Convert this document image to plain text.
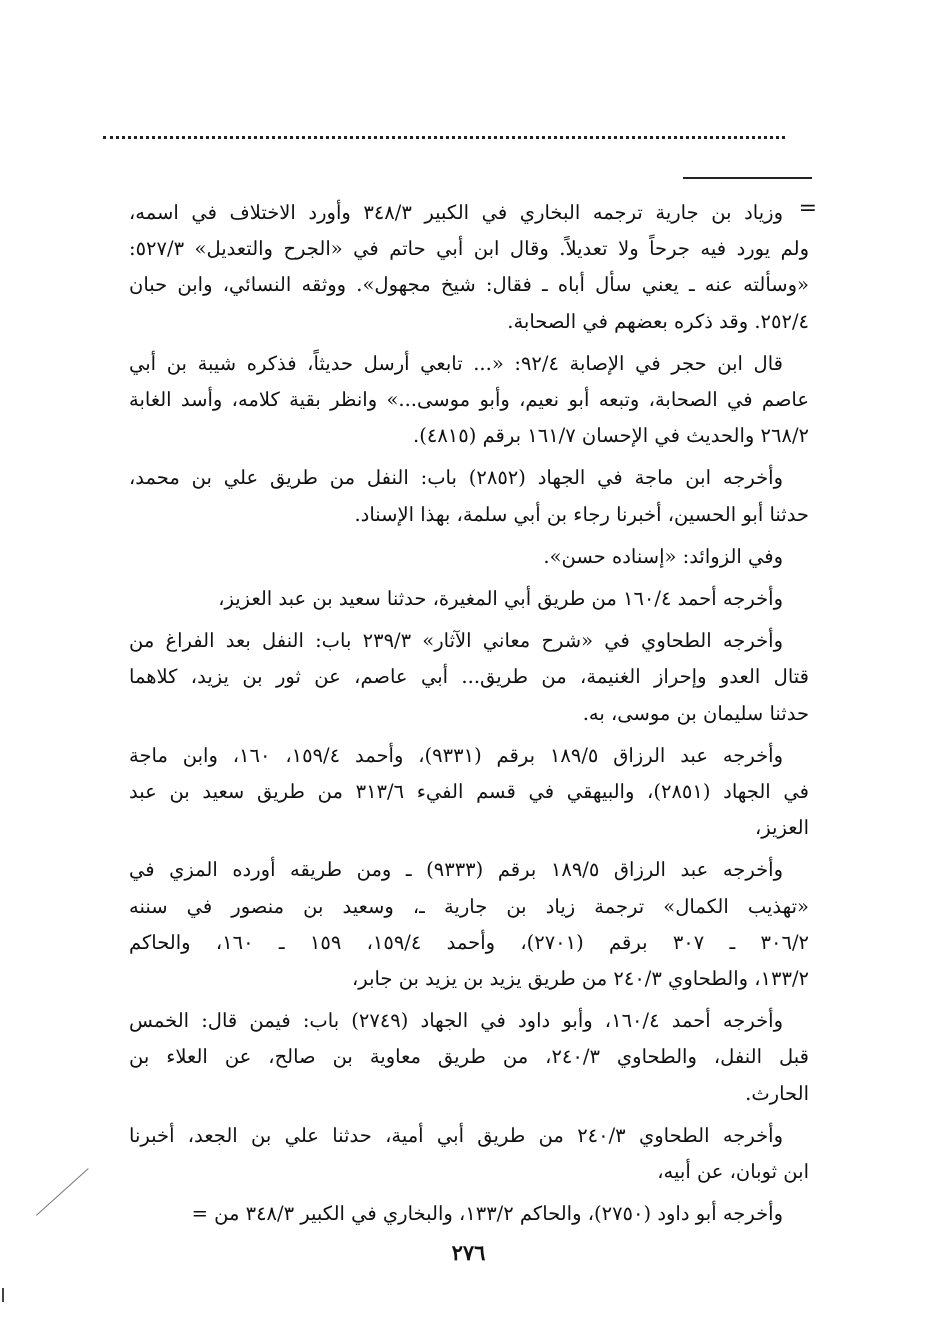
=
وزياد بن جارية ترجمه البخاري في الكبير ٣٤٨/٣ وأورد الاختلاف في اسمه،
ولم يورد فيه جرحاً ولا تعديلاً. وقال ابن أبي حاتم في «الجرح والتعديل» ٥٢٧/٣:
«وسألته عنه ـ يعني سأل أباه ـ فقال: شيخ مجهول». ووثقه النسائي، وابن حبان
٢٥٢/٤. وقد ذكره بعضهم في الصحابة.
قال ابن حجر في الإصابة ٩٢/٤: «... تابعي أرسل حديثاً، فذكره شيبة بن أبي
عاصم في الصحابة، وتبعه أبو نعيم، وأبو موسى...» وانظر بقية كلامه، وأسد الغابة
٢٦٨/٢ والحديث في الإحسان ١٦١/٧ برقم (٤٨١٥).
وأخرجه ابن ماجة في الجهاد (٢٨٥٢) باب: النفل من طريق علي بن محمد،
حدثنا أبو الحسين، أخبرنا رجاء بن أبي سلمة، بهذا الإسناد.
وفي الزوائد: «إسناده حسن».
وأخرجه أحمد ١٦٠/٤ من طريق أبي المغيرة، حدثنا سعيد بن عبد العزيز،
وأخرجه الطحاوي في «شرح معاني الآثار» ٢٣٩/٣ باب: النفل بعد الفراغ من
قتال العدو وإحراز الغنيمة، من طريق... أبي عاصم، عن ثور بن يزيد، كلاهما
حدثنا سليمان بن موسى، به.
وأخرجه عبد الرزاق ١٨٩/٥ برقم (٩٣٣١)، وأحمد ١٥٩/٤، ١٦٠، وابن ماجة
في الجهاد (٢٨٥١)، والبيهقي في قسم الفيء ٣١٣/٦ من طريق سعيد بن عبد
العزيز،
وأخرجه عبد الرزاق ١٨٩/٥ برقم (٩٣٣٣) ـ ومن طريقه أورده المزي في
«تهذيب الكمال» ترجمة زياد بن جارية ـ، وسعيد بن منصور في سننه
٣٠٦/٢ ـ ٣٠٧ برقم (٢٧٠١)، وأحمد ١٥٩/٤، ١٥٩ ـ ١٦٠، والحاكم
١٣٣/٢، والطحاوي ٢٤٠/٣ من طريق يزيد بن يزيد بن جابر،
وأخرجه أحمد ١٦٠/٤، وأبو داود في الجهاد (٢٧٤٩) باب: فيمن قال: الخمس
قبل النفل، والطحاوي ٢٤٠/٣، من طريق معاوية بن صالح، عن العلاء بن
الحارث.
وأخرجه الطحاوي ٢٤٠/٣ من طريق أبي أمية، حدثنا علي بن الجعد، أخبرنا
ابن ثوبان، عن أبيه،
وأخرجه أبو داود (٢٧٥٠)، والحاكم ١٣٣/٢، والبخاري في الكبير ٣٤٨/٣ من =
٢٧٦
